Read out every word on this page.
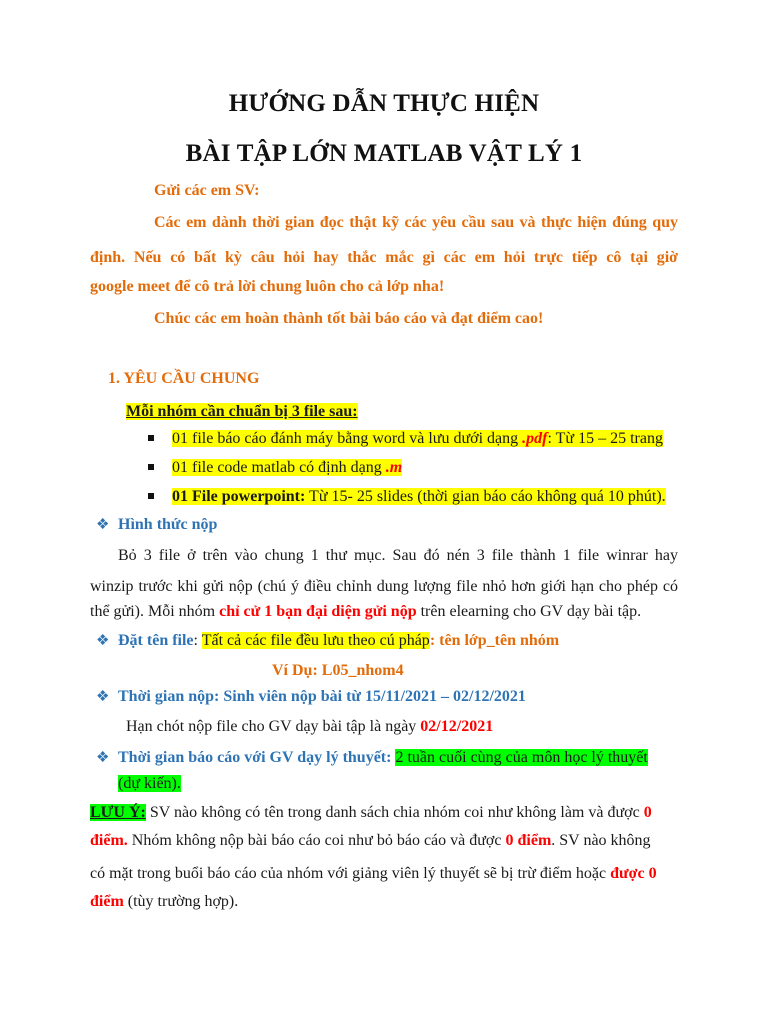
HƯỚNG DẪN THỰC HIỆN
BÀI TẬP LỚN MATLAB VẬT LÝ 1
Gửi các em SV:
Các em dành thời gian đọc thật kỹ các yêu cầu sau và thực hiện đúng quy
định. Nếu có bất kỳ câu hỏi hay thắc mắc gì các em hỏi trực tiếp cô tại giờ
google meet để cô trả lời chung luôn cho cả lớp nha!
Chúc các em hoàn thành tốt bài báo cáo và đạt điểm cao!
1. YÊU CẦU CHUNG
Mỗi nhóm cần chuẩn bị 3 file sau:
01 file báo cáo đánh máy bằng word và lưu dưới dạng .pdf: Từ 15 – 25 trang
01 file code matlab có định dạng .m
01 File powerpoint: Từ 15- 25 slides (thời gian báo cáo không quá 10 phút).
❖ Hình thức nộp
Bỏ 3 file ở trên vào chung 1 thư mục. Sau đó nén 3 file thành 1 file winrar hay
winzip trước khi gửi nộp (chú ý điều chỉnh dung lượng file nhỏ hơn giới hạn cho phép có
thể gửi). Mỗi nhóm chỉ cử 1 bạn đại diện gửi nộp trên elearning cho GV dạy bài tập.
❖ Đặt tên file: Tất cả các file đều lưu theo cú pháp: tên lớp_tên nhóm
Ví Dụ: L05_nhom4
❖ Thời gian nộp: Sinh viên nộp bài từ 15/11/2021 – 02/12/2021
Hạn chót nộp file cho GV dạy bài tập là ngày 02/12/2021
❖ Thời gian báo cáo với GV dạy lý thuyết: 2 tuần cuối cùng của môn học lý thuyết
(dự kiến).
LƯU Ý: SV nào không có tên trong danh sách chia nhóm coi như không làm và được 0
điểm. Nhóm không nộp bài báo cáo coi như bỏ báo cáo và được 0 điểm. SV nào không
có mặt trong buổi báo cáo của nhóm với giảng viên lý thuyết sẽ bị trừ điểm hoặc được 0
điểm (tùy trường hợp).
